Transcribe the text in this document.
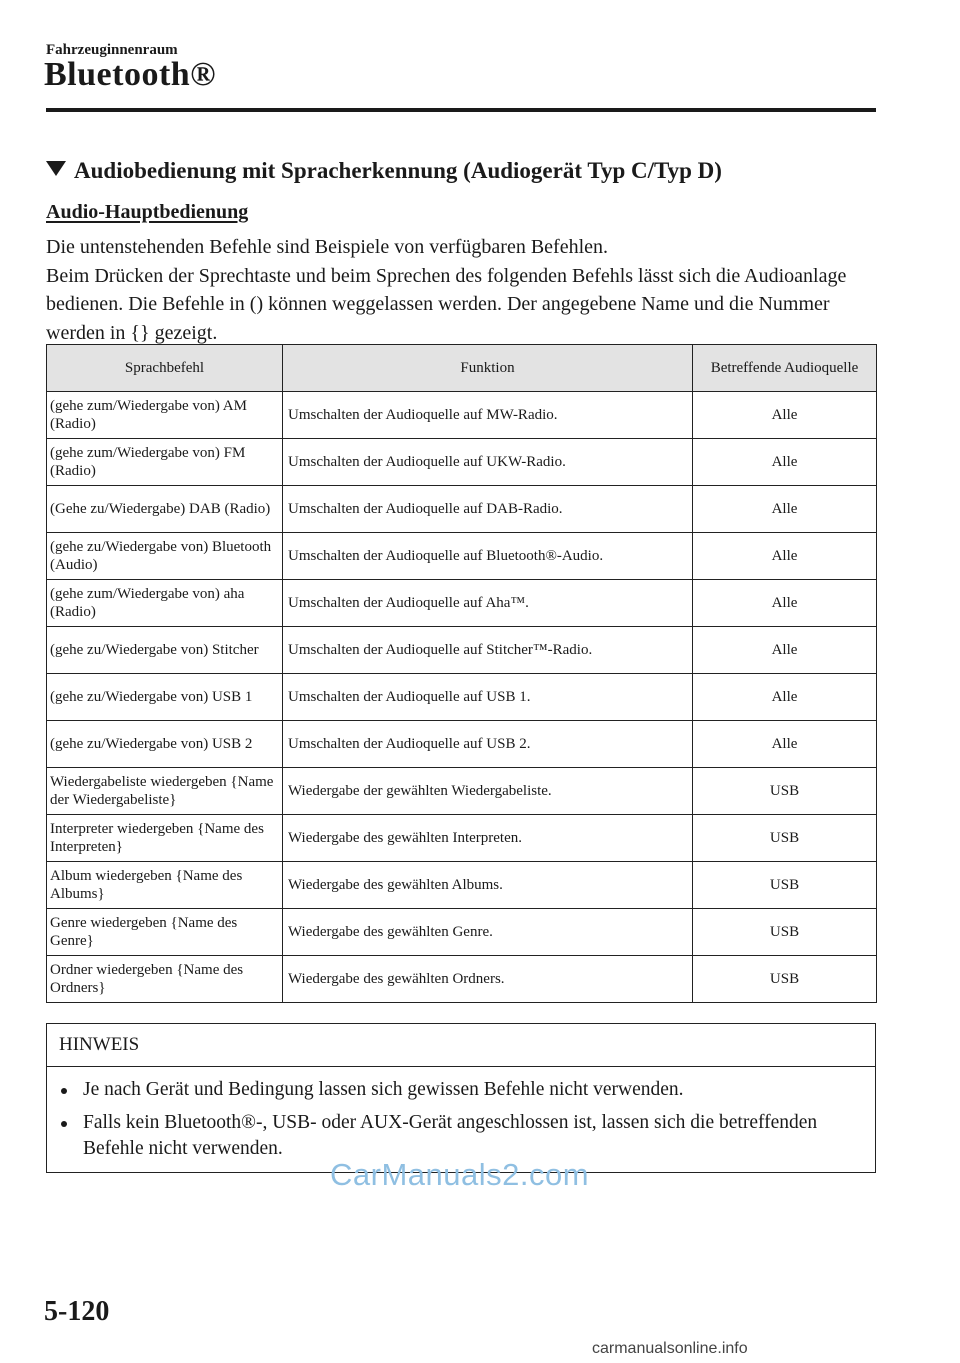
Fahrzeuginnenraum
Bluetooth®
Audiobedienung mit Spracherkennung (Audiogerät Typ C/Typ D)
Audio-Hauptbedienung

Die untenstehenden Befehle sind Beispiele von verfügbaren Befehlen.

Beim Drücken der Sprechtaste und beim Sprechen des folgenden Befehls lässt sich die Audioanlage bedienen. Die Befehle in () können weggelassen werden. Der angegebene Name und die Nummer werden in {} gezeigt.

Sprachbefehl	Funktion	Betreffende Audioquelle
(gehe zum/Wiedergabe von) AM (Radio)	Umschalten der Audioquelle auf MW-Radio.	Alle
(gehe zum/Wiedergabe von) FM (Radio)	Umschalten der Audioquelle auf UKW-Radio.	Alle
(Gehe zu/Wiedergabe) DAB (Radio)	Umschalten der Audioquelle auf DAB-Radio.	Alle
(gehe zu/Wiedergabe von) Bluetooth (Audio)	Umschalten der Audioquelle auf Bluetooth®-Audio.	Alle
(gehe zum/Wiedergabe von) aha (Radio)	Umschalten der Audioquelle auf Aha™.	Alle
(gehe zu/Wiedergabe von) Stitcher	Umschalten der Audioquelle auf Stitcher™-Radio.	Alle
(gehe zu/Wiedergabe von) USB 1	Umschalten der Audioquelle auf USB 1.	Alle
(gehe zu/Wiedergabe von) USB 2	Umschalten der Audioquelle auf USB 2.	Alle
Wiedergabeliste wiedergeben {Name der Wiedergabeliste}	Wiedergabe der gewählten Wiedergabeliste.	USB
Interpreter wiedergeben {Name des Interpreten}	Wiedergabe des gewählten Interpreten.	USB
Album wiedergeben {Name des Albums}	Wiedergabe des gewählten Albums.	USB
Genre wiedergeben {Name des Genre}	Wiedergabe des gewählten Genre.	USB
Ordner wiedergeben {Name des Ordners}	Wiedergabe des gewählten Ordners.	USB
HINWEIS
Je nach Gerät und Bedingung lassen sich gewissen Befehle nicht verwenden.
Falls kein Bluetooth®-, USB- oder AUX-Gerät angeschlossen ist, lassen sich die betreffenden Befehle nicht verwenden.
CarManuals2.com
5-120
carmanualsonline.info
